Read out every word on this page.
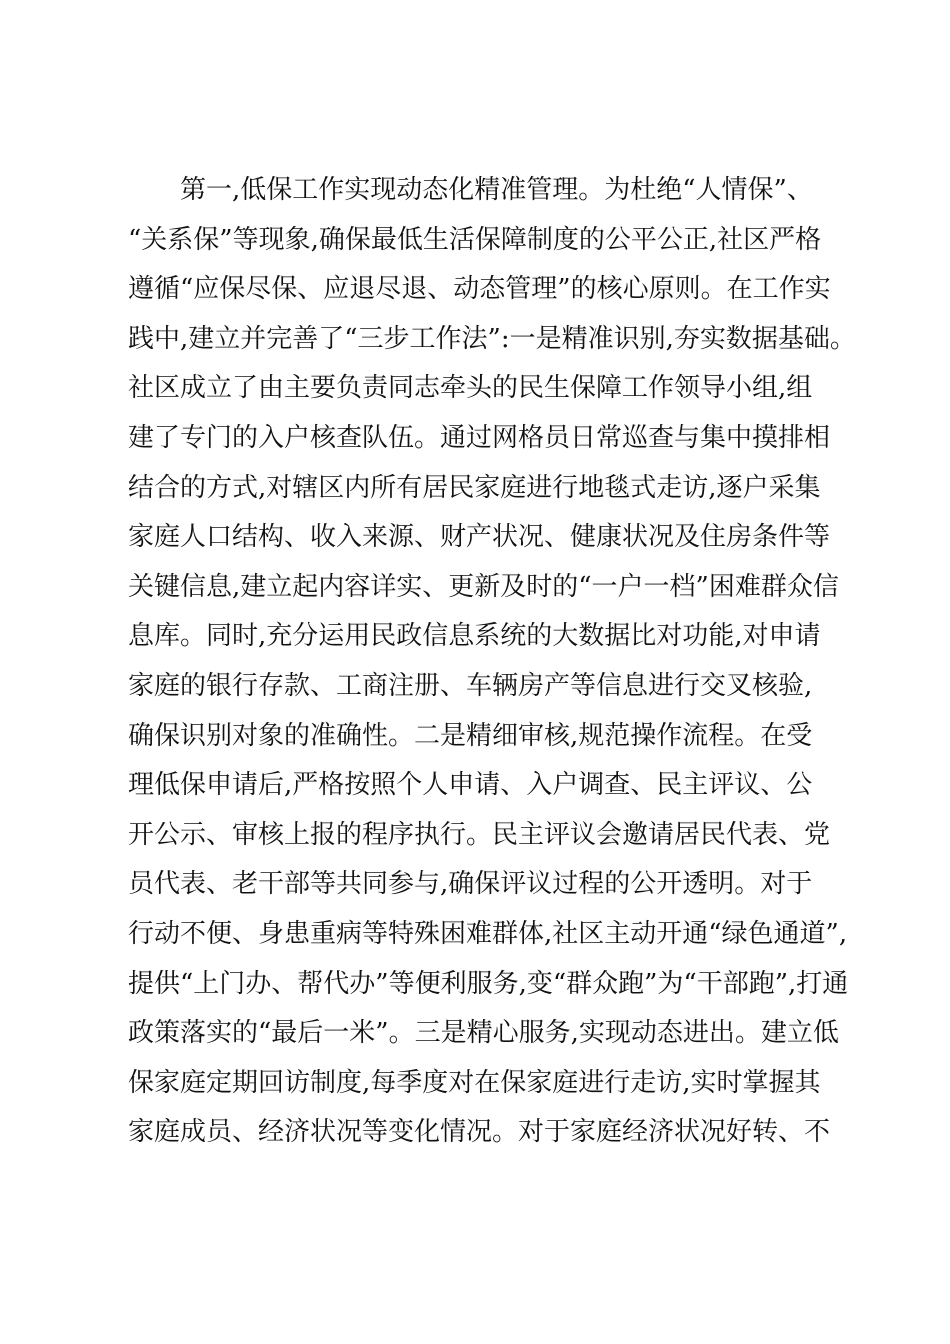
第一,低保工作实现动态化精准管理。为杜绝“人情保”、

“关系保”等现象,确保最低生活保障制度的公平公正,社区严格

遵循“应保尽保、应退尽退、动态管理”的核心原则。在工作实

践中,建立并完善了“三步工作法”:一是精准识别,夯实数据基础。

社区成立了由主要负责同志牵头的民生保障工作领导小组,组

建了专门的入户核查队伍。通过网格员日常巡查与集中摸排相

结合的方式,对辖区内所有居民家庭进行地毯式走访,逐户采集

家庭人口结构、收入来源、财产状况、健康状况及住房条件等

关键信息,建立起内容详实、更新及时的“一户一档”困难群众信

息库。同时,充分运用民政信息系统的大数据比对功能,对申请

家庭的银行存款、工商注册、车辆房产等信息进行交叉核验,

确保识别对象的准确性。二是精细审核,规范操作流程。在受

理低保申请后,严格按照个人申请、入户调查、民主评议、公

开公示、审核上报的程序执行。民主评议会邀请居民代表、党

员代表、老干部等共同参与,确保评议过程的公开透明。对于

行动不便、身患重病等特殊困难群体,社区主动开通“绿色通道”,

提供“上门办、帮代办”等便利服务,变“群众跑”为“干部跑”,打通

政策落实的“最后一米”。三是精心服务,实现动态进出。建立低

保家庭定期回访制度,每季度对在保家庭进行走访,实时掌握其

家庭成员、经济状况等变化情况。对于家庭经济状况好转、不
